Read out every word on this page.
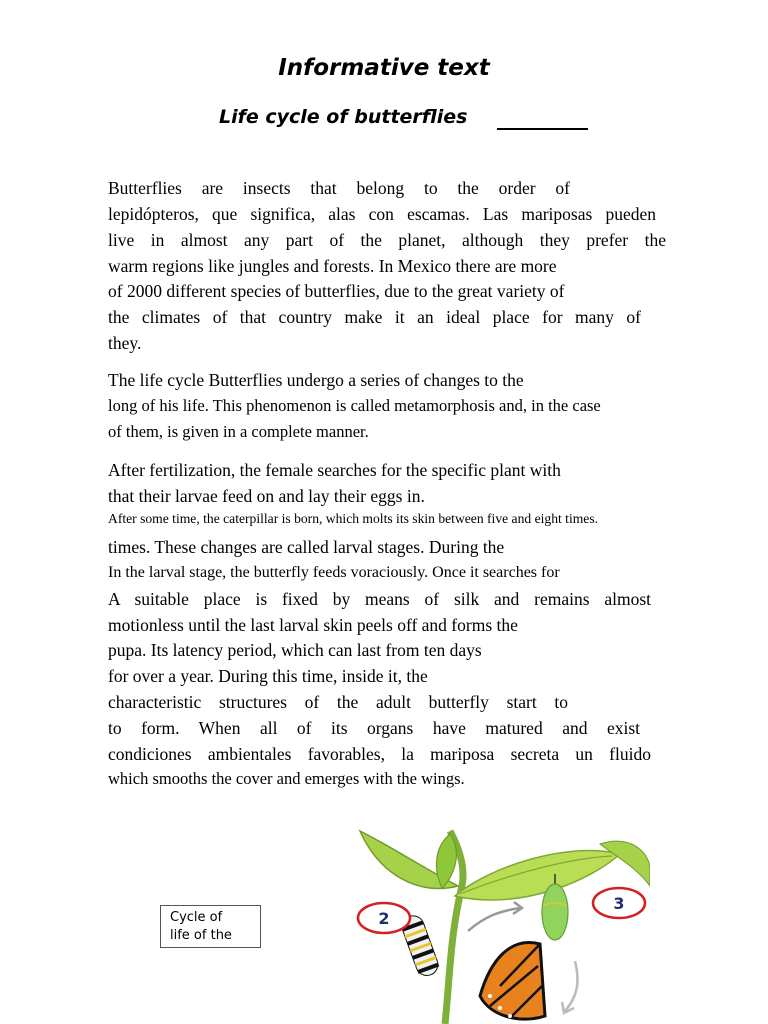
Informative text
Life cycle of butterflies
Butterflies are insects that belong to the order of
lepidópteros, que significa, alas con escamas. Las mariposas pueden
live in almost any part of the planet, although they prefer the
warm regions like jungles and forests. In Mexico there are more
of 2000 different species of butterflies, due to the great variety of
the climates of that country make it an ideal place for many of
they.
The life cycle Butterflies undergo a series of changes to the
long of his life. This phenomenon is called metamorphosis and, in the case
of them, is given in a complete manner.
After fertilization, the female searches for the specific plant with
that their larvae feed on and lay their eggs in.
After some time, the caterpillar is born, which molts its skin between five and eight times.
times. These changes are called larval stages. During the
In the larval stage, the butterfly feeds voraciously. Once it searches for
A suitable place is fixed by means of silk and remains almost
motionless until the last larval skin peels off and forms the
pupa. Its latency period, which can last from ten days
for over a year. During this time, inside it, the
characteristic structures of the adult butterfly start to
to form. When all of its organs have matured and exist
condiciones ambientales favorables, la mariposa secreta un fluido
which smooths the cover and emerges with the wings.
Cycle of
life of the
2
3
